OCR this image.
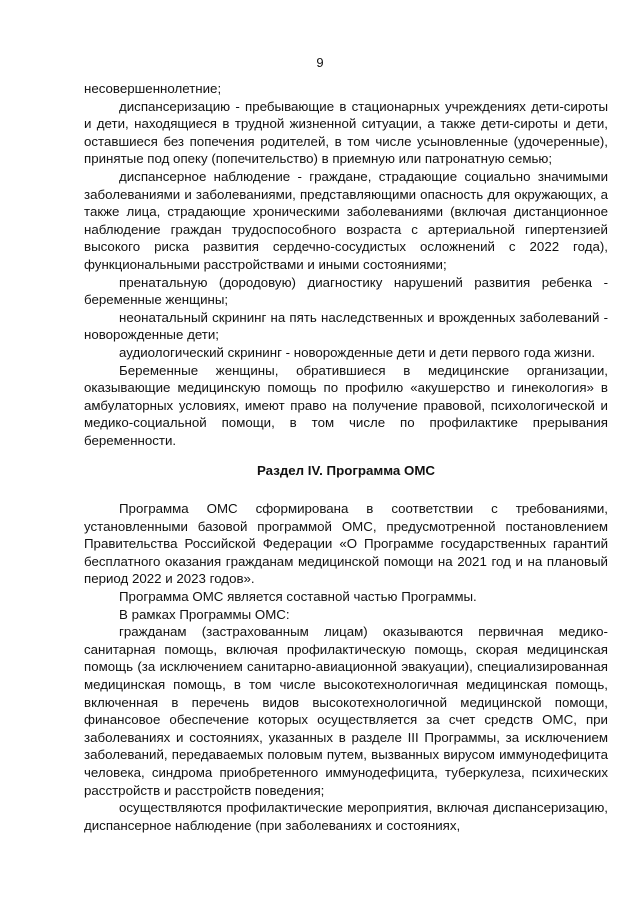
9

несовершеннолетние;

диспансеризацию - пребывающие в стационарных учреждениях дети-сироты и дети, находящиеся в трудной жизненной ситуации, а также дети-сироты и дети, оставшиеся без попечения родителей, в том числе усыновленные (удочеренные), принятые под опеку (попечительство) в приемную или патронатную семью;

диспансерное наблюдение - граждане, страдающие социально значимыми заболеваниями и заболеваниями, представляющими опасность для окружающих, а также лица, страдающие хроническими заболеваниями (включая дистанционное наблюдение граждан трудоспособного возраста с артериальной гипертензией высокого риска развития сердечно-сосудистых осложнений с 2022 года), функциональными расстройствами и иными состояниями;

пренатальную (дородовую) диагностику нарушений развития ребенка - беременные женщины;

неонатальный скрининг на пять наследственных и врожденных заболеваний - новорожденные дети;

аудиологический скрининг - новорожденные дети и дети первого года жизни.

Беременные женщины, обратившиеся в медицинские организации, оказывающие медицинскую помощь по профилю «акушерство и гинекология» в амбулаторных условиях, имеют право на получение правовой, психологической и медико-социальной помощи, в том числе по профилактике прерывания беременности.

Раздел IV. Программа ОМС

Программа ОМС сформирована в соответствии с требованиями, установленными базовой программой ОМС, предусмотренной постановлением Правительства Российской Федерации «О Программе государственных гарантий бесплатного оказания гражданам медицинской помощи на 2021 год и на плановый период 2022 и 2023 годов».

Программа ОМС является составной частью Программы.

В рамках Программы ОМС:

гражданам (застрахованным лицам) оказываются первичная медико-санитарная помощь, включая профилактическую помощь, скорая медицинская помощь (за исключением санитарно-авиационной эвакуации), специализированная медицинская помощь, в том числе высокотехнологичная медицинская помощь, включенная в перечень видов высокотехнологичной медицинской помощи, финансовое обеспечение которых осуществляется за счет средств ОМС, при заболеваниях и состояниях, указанных в разделе III Программы, за исключением заболеваний, передаваемых половым путем, вызванных вирусом иммунодефицита человека, синдрома приобретенного иммунодефицита, туберкулеза, психических расстройств и расстройств поведения;

осуществляются профилактические мероприятия, включая диспансеризацию, диспансерное наблюдение (при заболеваниях и состояниях,
